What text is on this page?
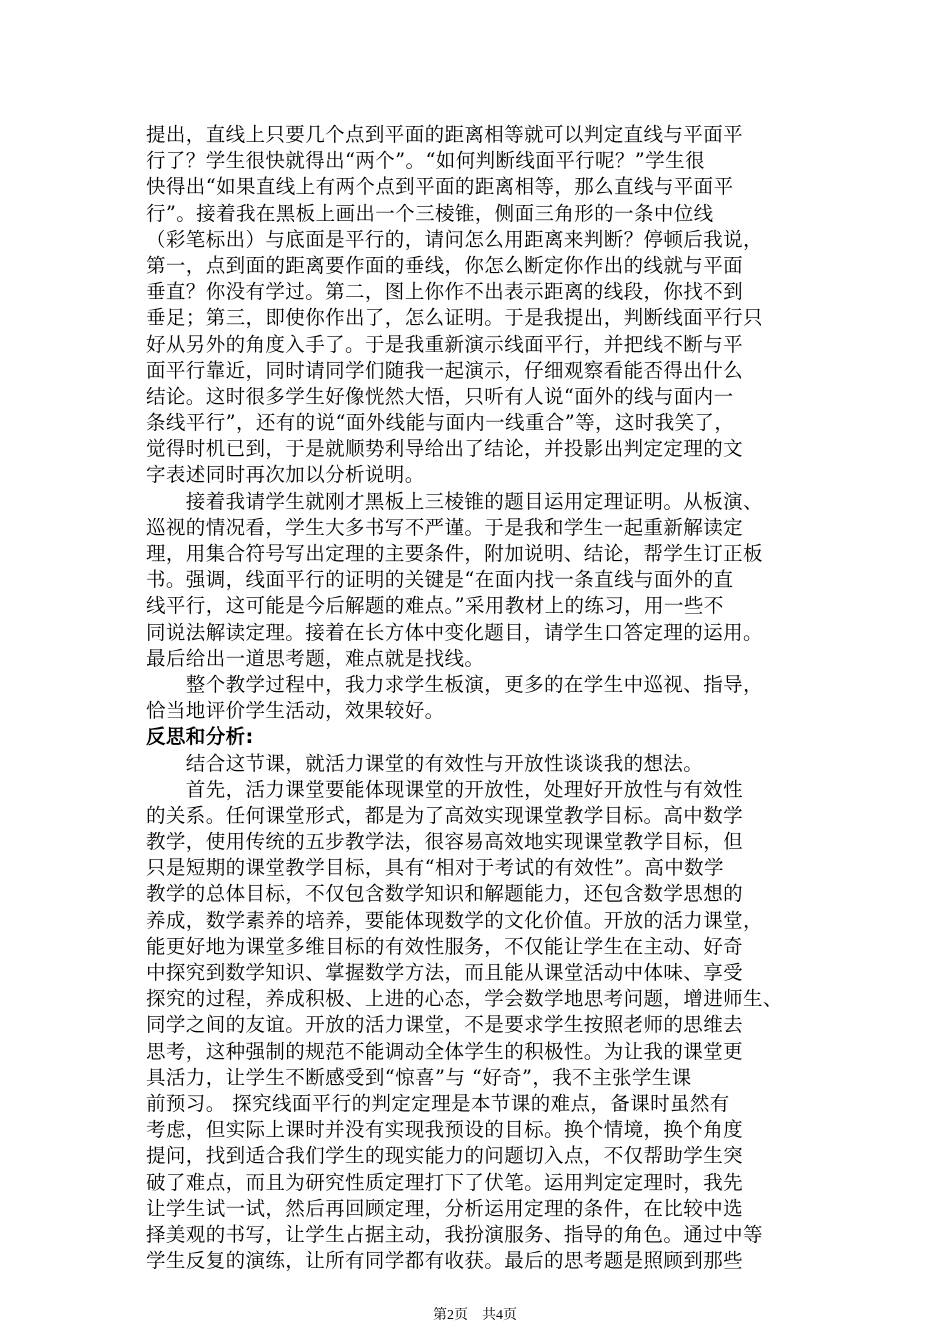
提出，直线上只要几个点到平面的距离相等就可以判定直线与平面平
行了？学生很快就得出“两个”。“如何判断线面平行呢？”学生很
快得出“如果直线上有两个点到平面的距离相等，那么直线与平面平
行”。接着我在黑板上画出一个三棱锥，侧面三角形的一条中位线
（彩笔标出）与底面是平行的，请问怎么用距离来判断？停顿后我说，
第一，点到面的距离要作面的垂线，你怎么断定你作出的线就与平面
垂直？你没有学过。第二，图上你作不出表示距离的线段，你找不到
垂足；第三，即使你作出了，怎么证明。于是我提出，判断线面平行只
好从另外的角度入手了。于是我重新演示线面平行，并把线不断与平
面平行靠近，同时请同学们随我一起演示，仔细观察看能否得出什么
结论。这时很多学生好像恍然大悟，只听有人说“面外的线与面内一
条线平行”，还有的说“面外线能与面内一线重合”等，这时我笑了，
觉得时机已到，于是就顺势利导给出了结论，并投影出判定定理的文
字表述同时再次加以分析说明。
　　接着我请学生就刚才黑板上三棱锥的题目运用定理证明。从板演、
巡视的情况看，学生大多书写不严谨。于是我和学生一起重新解读定
理，用集合符号写出定理的主要条件，附加说明、结论，帮学生订正板
书。强调，线面平行的证明的关键是“在面内找一条直线与面外的直
线平行，这可能是今后解题的难点。”采用教材上的练习，用一些不
同说法解读定理。接着在长方体中变化题目，请学生口答定理的运用。
最后给出一道思考题，难点就是找线。
　　整个教学过程中，我力求学生板演，更多的在学生中巡视、指导，
恰当地评价学生活动，效果较好。
反思和分析:
　　结合这节课，就活力课堂的有效性与开放性谈谈我的想法。
　　首先，活力课堂要能体现课堂的开放性，处理好开放性与有效性
的关系。任何课堂形式，都是为了高效实现课堂教学目标。高中数学
教学，使用传统的五步教学法，很容易高效地实现课堂教学目标，但
只是短期的课堂教学目标，具有“相对于考试的有效性”。高中数学
教学的总体目标，不仅包含数学知识和解题能力，还包含数学思想的
养成，数学素养的培养，要能体现数学的文化价值。开放的活力课堂，
能更好地为课堂多维目标的有效性服务，不仅能让学生在主动、好奇
中探究到数学知识、掌握数学方法，而且能从课堂活动中体味、享受
探究的过程，养成积极、上进的心态，学会数学地思考问题，增进师生、
同学之间的友谊。开放的活力课堂，不是要求学生按照老师的思维去
思考，这种强制的规范不能调动全体学生的积极性。为让我的课堂更
具活力，让学生不断感受到“惊喜”与 “好奇”，我不主张学生课
前预习。 探究线面平行的判定定理是本节课的难点，备课时虽然有
考虑，但实际上课时并没有实现我预设的目标。换个情境，换个角度
提问，找到适合我们学生的现实能力的问题切入点，不仅帮助学生突
破了难点，而且为研究性质定理打下了伏笔。运用判定定理时，我先
让学生试一试，然后再回顾定理，分析运用定理的条件，在比较中选
择美观的书写，让学生占据主动，我扮演服务、指导的角色。通过中等
学生反复的演练，让所有同学都有收获。最后的思考题是照顾到那些
第2页　共4页
